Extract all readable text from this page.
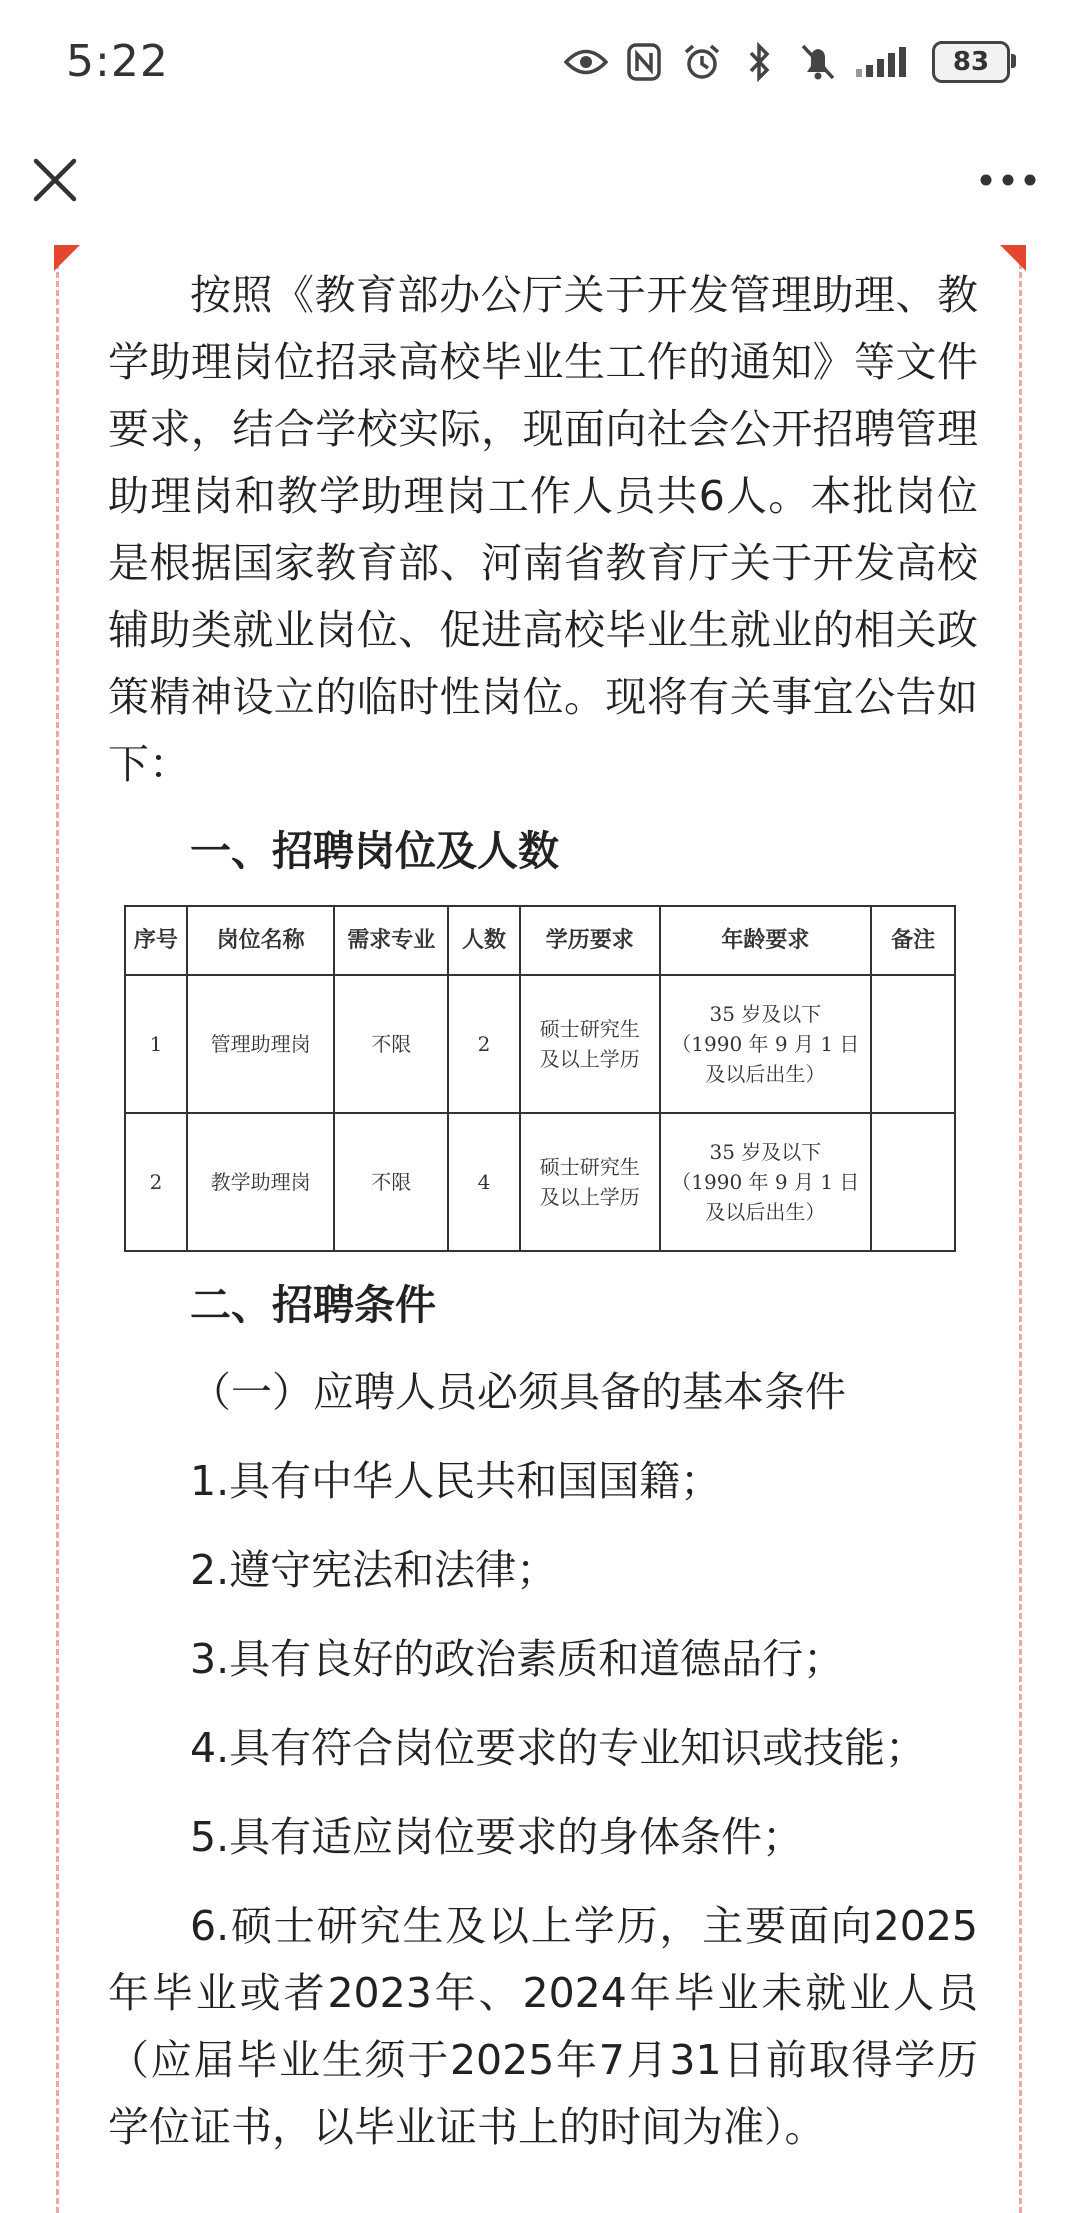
5:22	83

按照《教育部办公厅关于开发管理助理、教学助理岗位招录高校毕业生工作的通知》等文件要求，结合学校实际，现面向社会公开招聘管理助理岗和教学助理岗工作人员共6人。本批岗位是根据国家教育部、河南省教育厅关于开发高校辅助类就业岗位、促进高校毕业生就业的相关政策精神设立的临时性岗位。现将有关事宜公告如下：

一、招聘岗位及人数

序号	岗位名称	需求专业	人数	学历要求	年龄要求	备注
1	管理助理岗	不限	2	硕士研究生及以上学历	35 岁及以下
（1990 年 9 月 1 日
及以后出生）	

2	教学助理岗	不限	4	硕士研究生及以上学历	35 岁及以下
（1990 年 9 月 1 日
及以后出生）	

二、招聘条件

（一）应聘人员必须具备的基本条件

1.具有中华人民共和国国籍；

2.遵守宪法和法律；

3.具有良好的政治素质和道德品行；

4.具有符合岗位要求的专业知识或技能；

5.具有适应岗位要求的身体条件；

6.硕士研究生及以上学历，主要面向2025年毕业或者2023年、2024年毕业未就业人员（应届毕业生须于2025年7月31日前取得学历学位证书，以毕业证书上的时间为准）。
